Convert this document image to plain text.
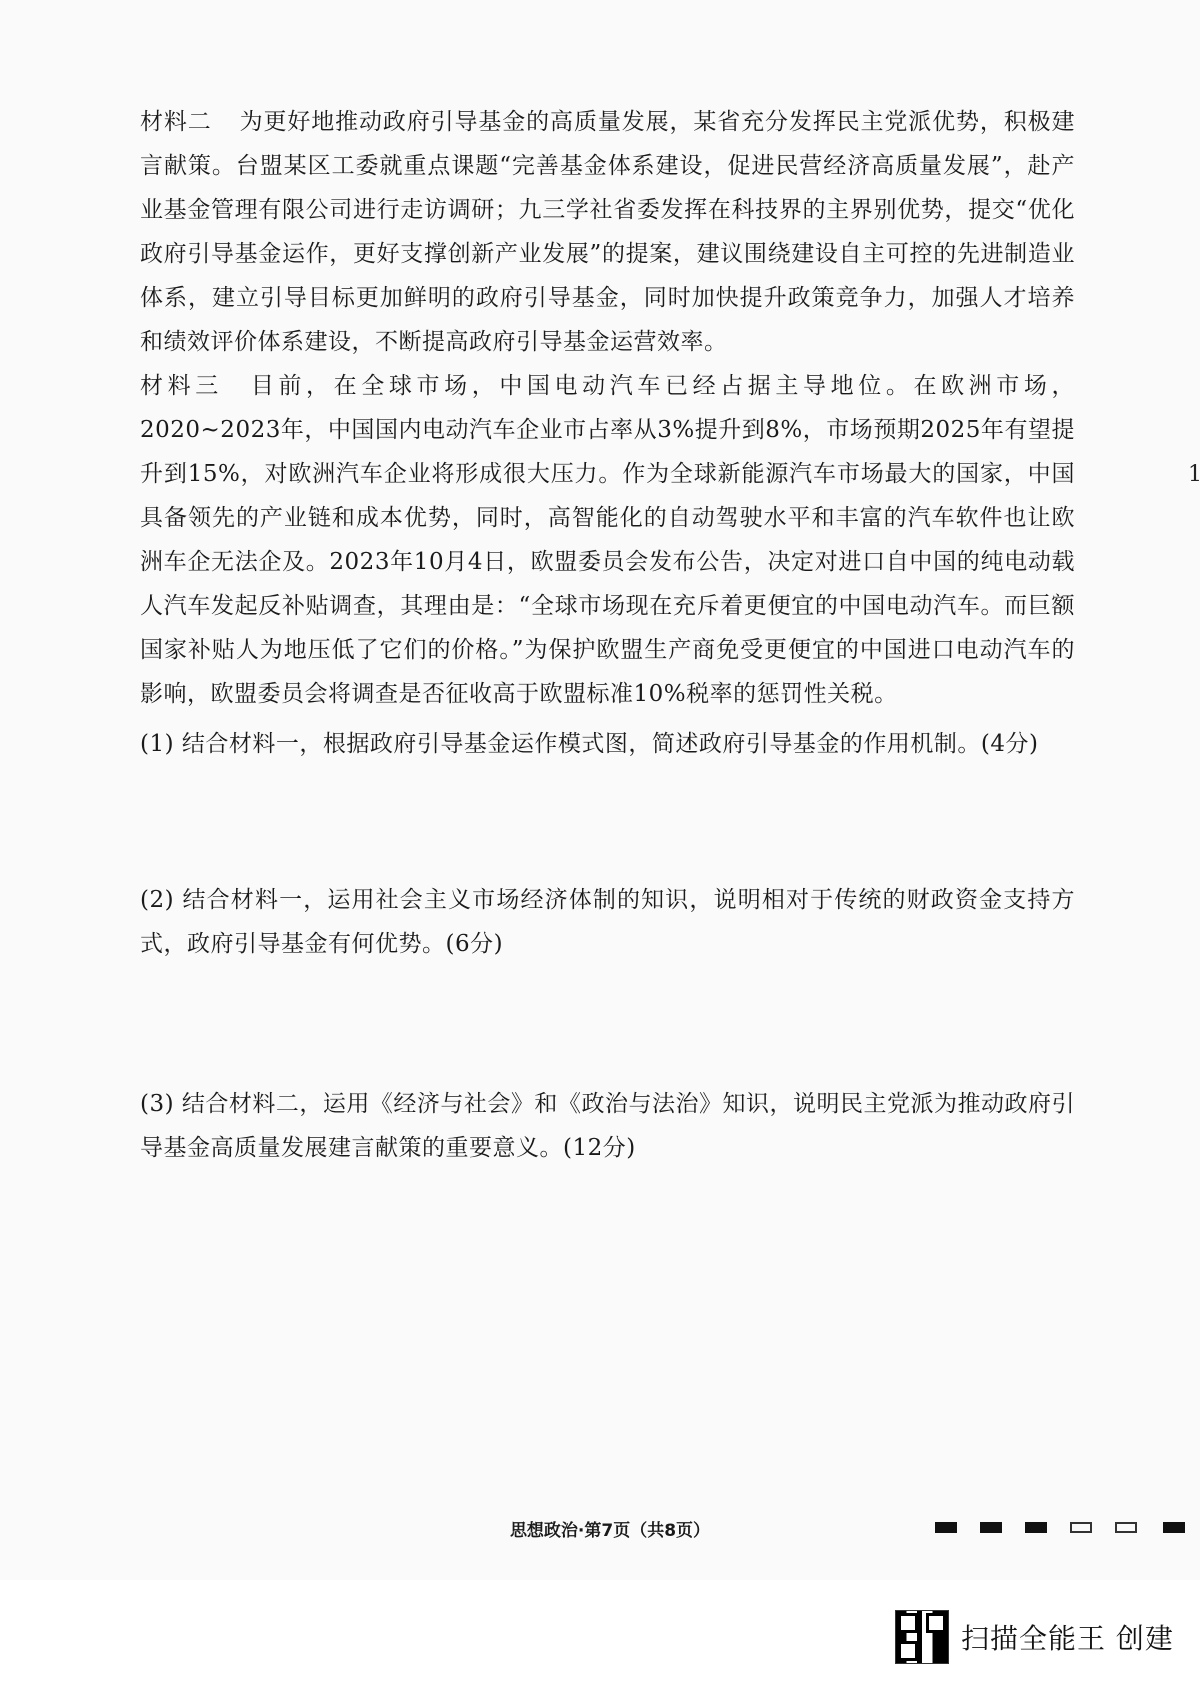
材料二 为更好地推动政府引导基金的高质量发展，某省充分发挥民主党派优势，积极建言献策。台盟某区工委就重点课题“完善基金体系建设，促进民营经济高质量发展”，赴产业基金管理有限公司进行走访调研；九三学社省委发挥在科技界的主界别优势，提交“优化政府引导基金运作，更好支撑创新产业发展”的提案，建议围绕建设自主可控的先进制造业体系，建立引导目标更加鲜明的政府引导基金，同时加快提升政策竞争力，加强人才培养和绩效评价体系建设，不断提高政府引导基金运营效率。

材料三 目前，在全球市场，中国电动汽车已经占据主导地位。在欧洲市场，2020~2023年，中国国内电动汽车企业市占率从3%提升到8%，市场预期2025年有望提升到15%，对欧洲汽车企业将形成很大压力。作为全球新能源汽车市场最大的国家，中国具备领先的产业链和成本优势，同时，高智能化的自动驾驶水平和丰富的汽车软件也让欧洲车企无法企及。2023年10月4日，欧盟委员会发布公告，决定对进口自中国的纯电动载人汽车发起反补贴调查，其理由是：“全球市场现在充斥着更便宜的中国电动汽车。而巨额国家补贴人为地压低了它们的价格。”为保护欧盟生产商免受更便宜的中国进口电动汽车的影响，欧盟委员会将调查是否征收高于欧盟标准10%税率的惩罚性关税。

(1) 结合材料一，根据政府引导基金运作模式图，简述政府引导基金的作用机制。(4分)

(2) 结合材料一，运用社会主义市场经济体制的知识，说明相对于传统的财政资金支持方式，政府引导基金有何优势。(6分)

(3) 结合材料二，运用《经济与社会》和《政治与法治》知识，说明民主党派为推动政府引导基金高质量发展建言献策的重要意义。(12分)

1
思想政治·第7页（共8页）
扫描全能王 创建
